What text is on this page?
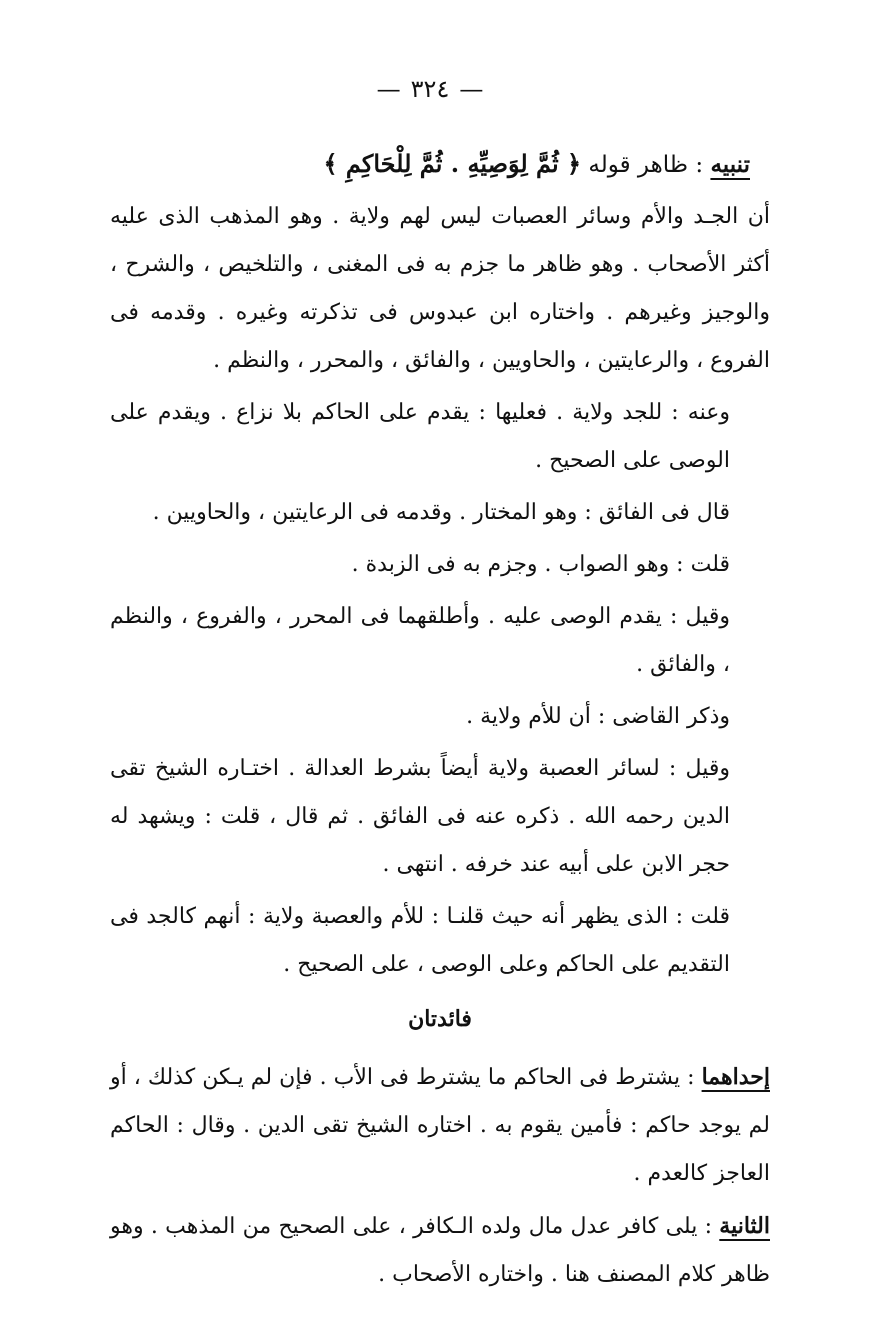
—٣٢٤—
تنبيه : ظاهر قوله ﴿ ثُمَّ لِوَصِيِّهِ . ثُمَّ لِلْحَاكِمِ ﴾

أن الجـد والأم وسائر العصبات ليس لهم ولاية . وهو المذهب الذى عليه أكثر الأصحاب . وهو ظاهر ما جزم به فى المغنى ، والتلخيص ، والشرح ، والوجيز وغيرهم . واختاره ابن عبدوس فى تذكرته وغيره . وقدمه فى الفروع ، والرعايتين ، والحاويين ، والفائق ، والمحرر ، والنظم .

وعنه : للجد ولاية . فعليها : يقدم على الحاكم بلا نزاع . ويقدم على الوصى على الصحيح .

قال فى الفائق : وهو المختار . وقدمه فى الرعايتين ، والحاويين .

قلت : وهو الصواب . وجزم به فى الزبدة .

وقيل : يقدم الوصى عليه . وأطلقهما فى المحرر ، والفروع ، والنظم ، والفائق .

وذكر القاضى : أن للأم ولاية .

وقيل : لسائر العصبة ولاية أيضاً بشرط العدالة . اختـاره الشيخ تقى الدين رحمه الله . ذكره عنه فى الفائق . ثم قال ، قلت : ويشهد له حجر الابن على أبيه عند خرفه . انتهى .

قلت : الذى يظهر أنه حيث قلنـا : للأم والعصبة ولاية : أنهم كالجد فى التقديم على الحاكم وعلى الوصى ، على الصحيح .

فائدتان

إحداهما : يشترط فى الحاكم ما يشترط فى الأب . فإن لم يـكن كذلك ، أو لم يوجد حاكم : فأمين يقوم به . اختاره الشيخ تقى الدين . وقال : الحاكم العاجز كالعدم .

الثانية : يلى كافر عدل مال ولده الـكافر ، على الصحيح من المذهب . وهو ظاهر كلام المصنف هنا . واختاره الأصحاب .
